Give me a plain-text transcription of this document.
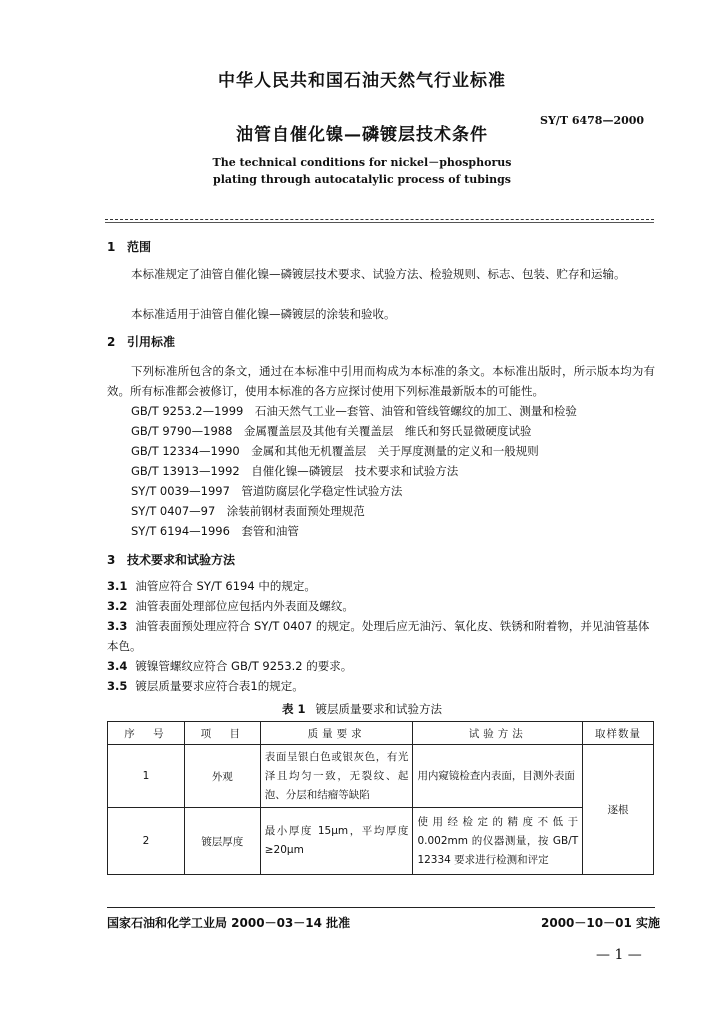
中华人民共和国石油天然气行业标准
油管自催化镍—磷镀层技术条件
SY/T 6478—2000
The technical conditions for nickel－phosphorus
plating through autocatalylic process of tubings
1 范围
本标准规定了油管自催化镍—磷镀层技术要求、试验方法、检验规则、标志、包装、贮存和运输。
本标准适用于油管自催化镍—磷镀层的涂装和验收。
2 引用标准
下列标准所包含的条文，通过在本标准中引用而构成为本标准的条文。本标准出版时，所示版本均为有效。所有标准都会被修订，使用本标准的各方应探讨使用下列标准最新版本的可能性。
GB/T 9253.2—1999　石油天然气工业—套管、油管和管线管螺纹的加工、测量和检验
GB/T 9790—1988　金属覆盖层及其他有关覆盖层　维氏和努氏显微硬度试验
GB/T 12334—1990　金属和其他无机覆盖层　关于厚度测量的定义和一般规则
GB/T 13913—1992　自催化镍—磷镀层　技术要求和试验方法
SY/T 0039—1997　管道防腐层化学稳定性试验方法
SY/T 0407—97　涂装前钢材表面预处理规范
SY/T 6194—1996　套管和油管
3 技术要求和试验方法
3.1 油管应符合 SY/T 6194 中的规定。
3.2 油管表面处理部位应包括内外表面及螺纹。
3.3 油管表面预处理应符合 SY/T 0407 的规定。处理后应无油污、氧化皮、铁锈和附着物，并见油管基体本色。
3.4 镀镍管螺纹应符合 GB/T 9253.2 的要求。
3.5 镀层质量要求应符合表1的规定。
表 1 镀层质量要求和试验方法
序　号	项　目	质量要求	试验方法	取样数量
1	外观	表面呈银白色或银灰色，有光泽且均匀一致，无裂纹、起泡、分层和结瘤等缺陷	用内窥镜检查内表面，目测外表面	逐根
2	镀层厚度	最小厚度 15μm，平均厚度≥20μm	使用经检定的精度不低于 0.002mm 的仪器测量，按 GB/T 12334 要求进行检测和评定	
国家石油和化学工业局 2000－03－14 批准	2000－10－01 实施
— 1 —
